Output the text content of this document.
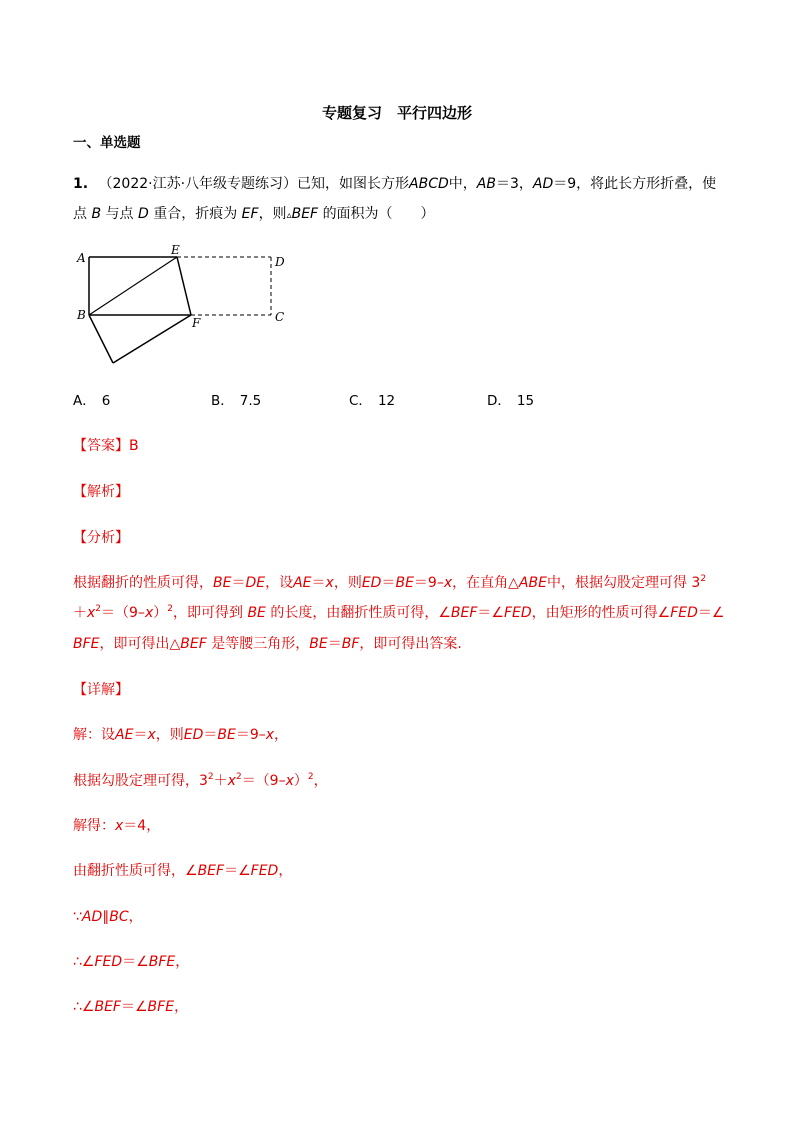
专题复习　平行四边形
一、单选题
1. （2022·江苏·八年级专题练习）已知，如图长方形ABCD中，AB＝3，AD＝9，将此长方形折叠，使
点 B 与点 D 重合，折痕为 EF，则▵BEF 的面积为（　　）
A
E
D
B
F	C
A． 6	B． 7.5	C． 12	D． 15
【答案】B
【解析】
【分析】
根据翻折的性质可得，BE＝DE，设AE＝x，则ED＝BE＝9–x，在直角△ABE中，根据勾股定理可得 $3^2$
$+x^2=(9-x)^2$，即可得到 BE 的长度，由翻折性质可得，∠BEF＝∠FED，由矩形的性质可得∠FED＝∠
BFE，即可得出△BEF 是等腰三角形，BE＝BF，即可得出答案.
【详解】
解：设AE＝x，则ED＝BE＝9–x，
根据勾股定理可得，$3^2+x^2=(9-x)^2$，
解得：x＝4，
由翻折性质可得，∠BEF＝∠FED，
∵AD∥BC，
∴∠FED＝∠BFE，
∴∠BEF＝∠BFE，
